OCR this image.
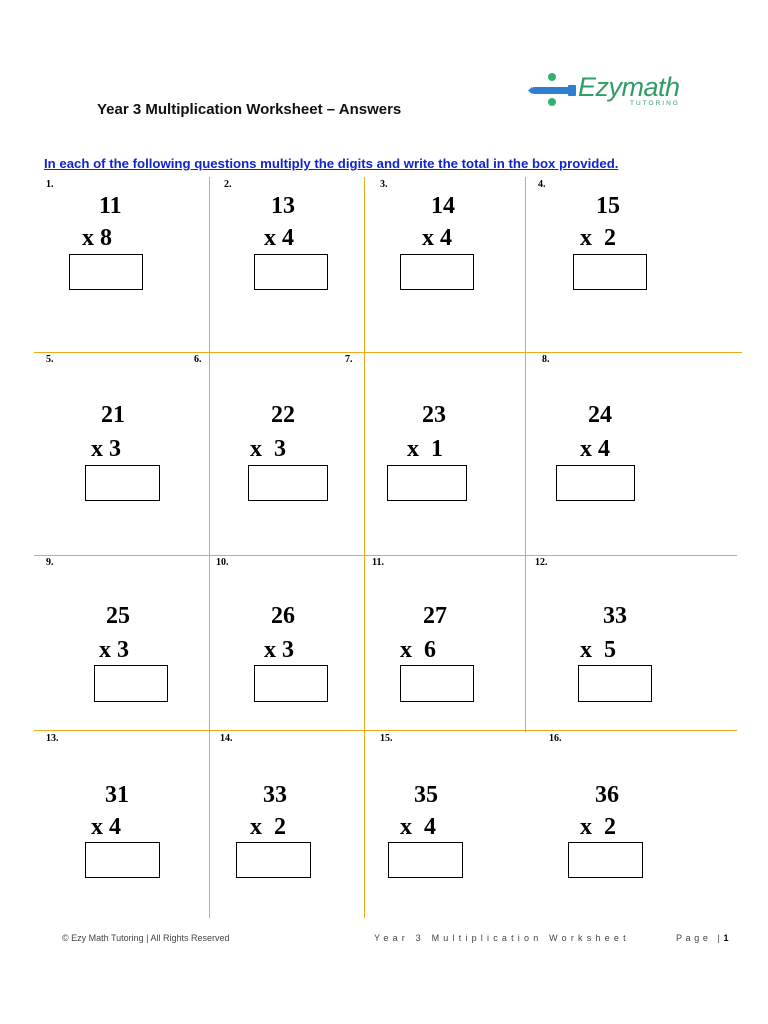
Year 3 Multiplication Worksheet – Answers
Ezymath
TUTORING
In each of the following questions multiply the digits and write the total in the box provided.
1.
11
x 8
2.
13
x 4
3.
14
x 4
4.
15
x  2
5.
21
x 3
6.
22
x  3
7.
23
x  1
8.
24
x 4
9.
25
x 3
10.
26
x 3
11.
27
x  6
12.
33
x  5
13.
31
x 4
14.
33
x  2
15.
35
x  4
16.
36
x  2
© Ezy Math Tutoring | All Rights Reserved	Year 3 Multiplication Worksheet	Page |1
